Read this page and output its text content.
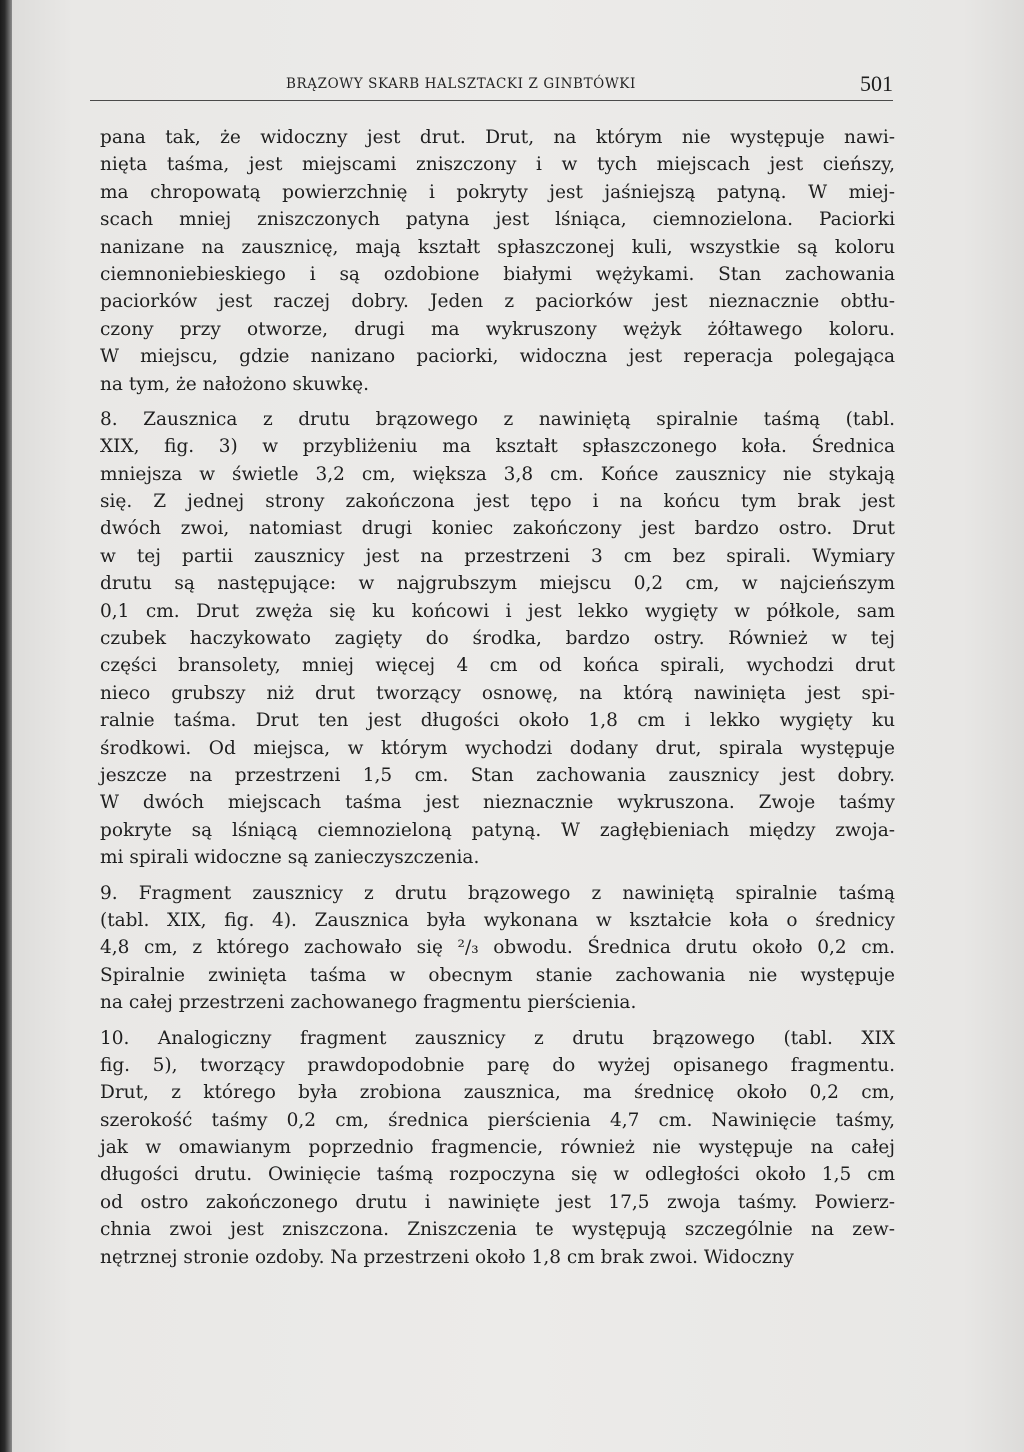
BRĄZOWY SKARB HALSZTACKI Z GINBTÓWKI	501
pana tak, że widoczny jest drut. Drut, na którym nie występuje nawi-
nięta taśma, jest miejscami zniszczony i w tych miejscach jest cieńszy,
ma chropowatą powierzchnię i pokryty jest jaśniejszą patyną. W miej-
scach mniej zniszczonych patyna jest lśniąca, ciemnozielona. Paciorki
nanizane na zausznicę, mają kształt spłaszczonej kuli, wszystkie są koloru
ciemnoniebieskiego i są ozdobione białymi wężykami. Stan zachowania
paciorków jest raczej dobry. Jeden z paciorków jest nieznacznie obtłu-
czony przy otworze, drugi ma wykruszony wężyk żółtawego koloru.
W miejscu, gdzie nanizano paciorki, widoczna jest reperacja polegająca
na tym, że nałożono skuwkę.
8. Zausznica z drutu brązowego z nawiniętą spiralnie taśmą (tabl.
XIX, fig. 3) w przybliżeniu ma kształt spłaszczonego koła. Średnica
mniejsza w świetle 3,2 cm, większa 3,8 cm. Końce zausznicy nie stykają
się. Z jednej strony zakończona jest tępo i na końcu tym brak jest
dwóch zwoi, natomiast drugi koniec zakończony jest bardzo ostro. Drut
w tej partii zausznicy jest na przestrzeni 3 cm bez spirali. Wymiary
drutu są następujące: w najgrubszym miejscu 0,2 cm, w najcieńszym
0,1 cm. Drut zwęża się ku końcowi i jest lekko wygięty w półkole, sam
czubek haczykowato zagięty do środka, bardzo ostry. Również w tej
części bransolety, mniej więcej 4 cm od końca spirali, wychodzi drut
nieco grubszy niż drut tworzący osnowę, na którą nawinięta jest spi-
ralnie taśma. Drut ten jest długości około 1,8 cm i lekko wygięty ku
środkowi. Od miejsca, w którym wychodzi dodany drut, spirala występuje
jeszcze na przestrzeni 1,5 cm. Stan zachowania zausznicy jest dobry.
W dwóch miejscach taśma jest nieznacznie wykruszona. Zwoje taśmy
pokryte są lśniącą ciemnozieloną patyną. W zagłębieniach między zwoja-
mi spirali widoczne są zanieczyszczenia.
9. Fragment zausznicy z drutu brązowego z nawiniętą spiralnie taśmą
(tabl. XIX, fig. 4). Zausznica była wykonana w kształcie koła o średnicy
4,8 cm, z którego zachowało się ²/₃ obwodu. Średnica drutu około 0,2 cm.
Spiralnie zwinięta taśma w obecnym stanie zachowania nie występuje
na całej przestrzeni zachowanego fragmentu pierścienia.
10. Analogiczny fragment zausznicy z drutu brązowego (tabl. XIX
fig. 5), tworzący prawdopodobnie parę do wyżej opisanego fragmentu.
Drut, z którego była zrobiona zausznica, ma średnicę około 0,2 cm,
szerokość taśmy 0,2 cm, średnica pierścienia 4,7 cm. Nawinięcie taśmy,
jak w omawianym poprzednio fragmencie, również nie występuje na całej
długości drutu. Owinięcie taśmą rozpoczyna się w odległości około 1,5 cm
od ostro zakończonego drutu i nawinięte jest 17,5 zwoja taśmy. Powierz-
chnia zwoi jest zniszczona. Zniszczenia te występują szczególnie na zew-
nętrznej stronie ozdoby. Na przestrzeni około 1,8 cm brak zwoi. Widoczny
